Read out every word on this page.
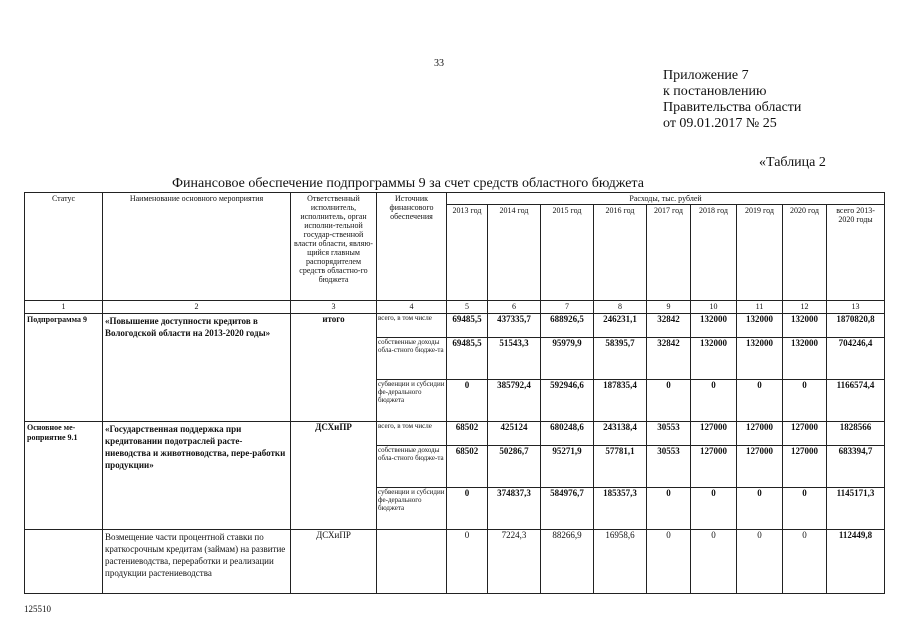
33
Приложение 7
к постановлению
Правительства области
от 09.01.2017 № 25
«Таблица 2
Финансовое обеспечение подпрограммы 9 за счет средств областного бюджета
Статус	Наименование основного мероприятия	Ответственный исполнитель, исполнитель, орган исполни-тельной государ-ственной власти области, являю-щийся главным распорядителем средств областно-го бюджета	Источник финансового обеспечения	Расходы, тыс. рублей								
				2013 год	2014 год	2015 год	2016 год	2017 год	2018 год	2019 год	2020 год	всего 2013-2020 годы
1	2	3	4	5	6	7	8	9	10	11	12	13
Подпрограмма 9	«Повышение доступности кредитов в Вологодской области на 2013-2020 годы»	итого	всего, в том числе	69485,5	437335,7	688926,5	246231,1	32842	132000	132000	132000	1870820,8
			собственные доходы обла-стного бюдже-та	69485,5	51543,3	95979,9	58395,7	32842	132000	132000	132000	704246,4
			субвенции и субсидии фе-дерального бюджета	0	385792,4	592946,6	187835,4	0	0	0	0	1166574,4
Основное ме-роприятие 9.1	«Государственная поддержка при кредитовании подотраслей расте-ниеводства и животноводства, пере-работки продукции»	ДСХиПР	всего, в том числе	68502	425124	680248,6	243138,4	30553	127000	127000	127000	1828566
			собственные доходы обла-стного бюдже-та	68502	50286,7	95271,9	57781,1	30553	127000	127000	127000	683394,7
			субвенции и субсидии фе-дерального бюджета	0	374837,3	584976,7	185357,3	0	0	0	0	1145171,3
	Возмещение части процентной ставки по краткосрочным кредитам (займам) на развитие растениеводства, переработки и реализации продукции растениеводства	ДСХиПР		0	7224,3	88266,9	16958,6	0	0	0	0	112449,8
125510
